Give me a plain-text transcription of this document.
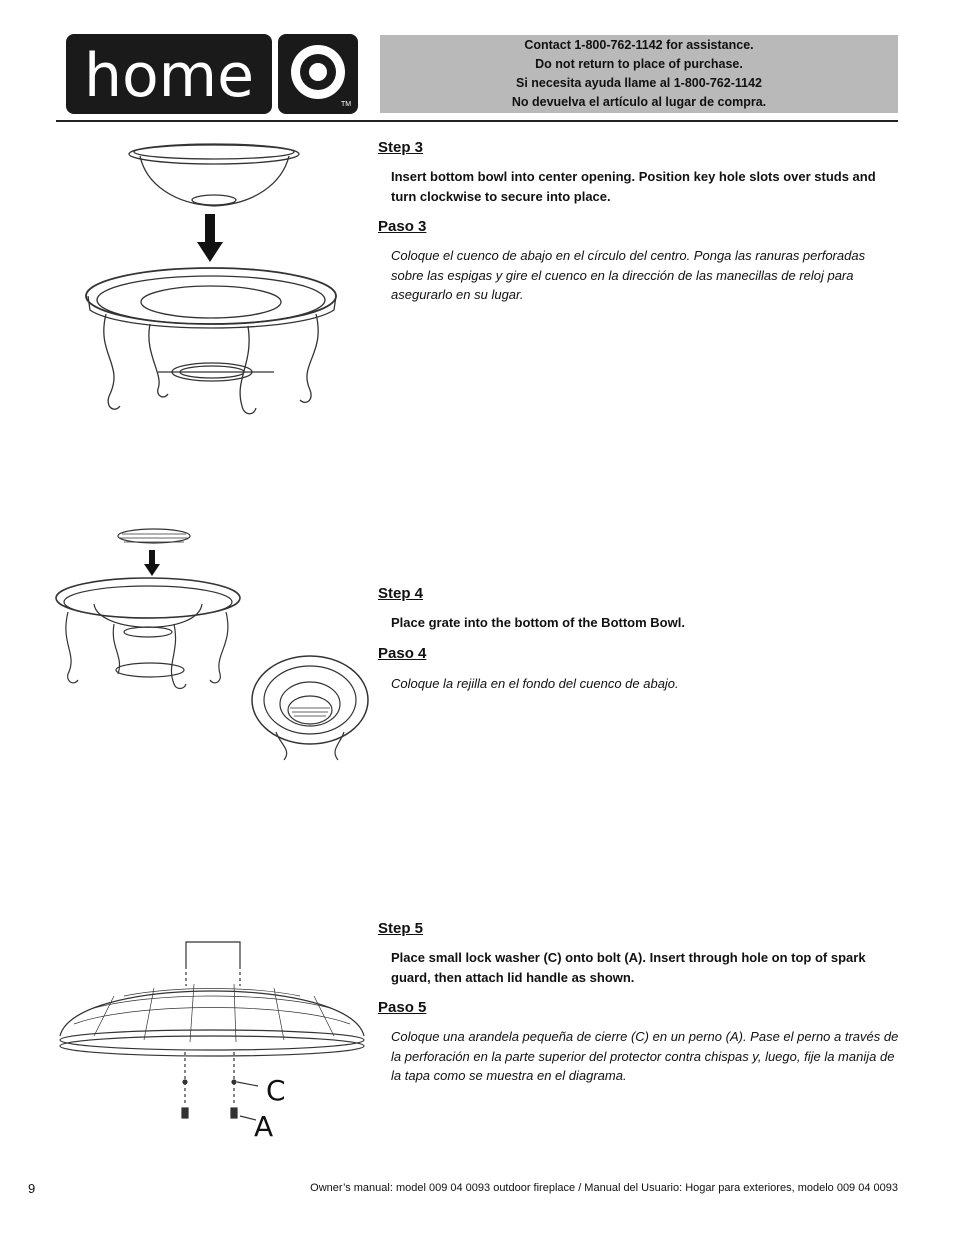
home	TM
Contact 1-800-762-1142 for assistance.
Do not return to place of purchase.
Si necesita ayuda llame al 1-800-762-1142
No devuelva el artículo al lugar de compra.
Step 3
Insert bottom bowl into center opening. Position key hole slots over studs and turn clockwise to secure into place.
Paso 3
Coloque el cuenco de abajo en el círculo del centro. Ponga las ranuras perforadas sobre las espigas y gire el cuenco en la dirección de las manecillas de reloj para asegurarlo en su lugar.
Step 4
Place grate into the bottom of the Bottom Bowl.
Paso 4
Coloque la rejilla en el fondo del cuenco de abajo.
C
A
Step 5
Place small lock washer (C) onto bolt (A). Insert through hole on top of spark guard, then attach lid handle as shown.
Paso 5
Coloque una arandela pequeña de cierre (C) en un perno (A). Pase el perno a través de la perforación en la parte superior del protector contra chispas y, luego, fije la manija de la tapa como se muestra en el diagrama.
9	Owner’s manual: model 009 04 0093 outdoor fireplace / Manual del Usuario: Hogar para exteriores, modelo 009 04 0093
